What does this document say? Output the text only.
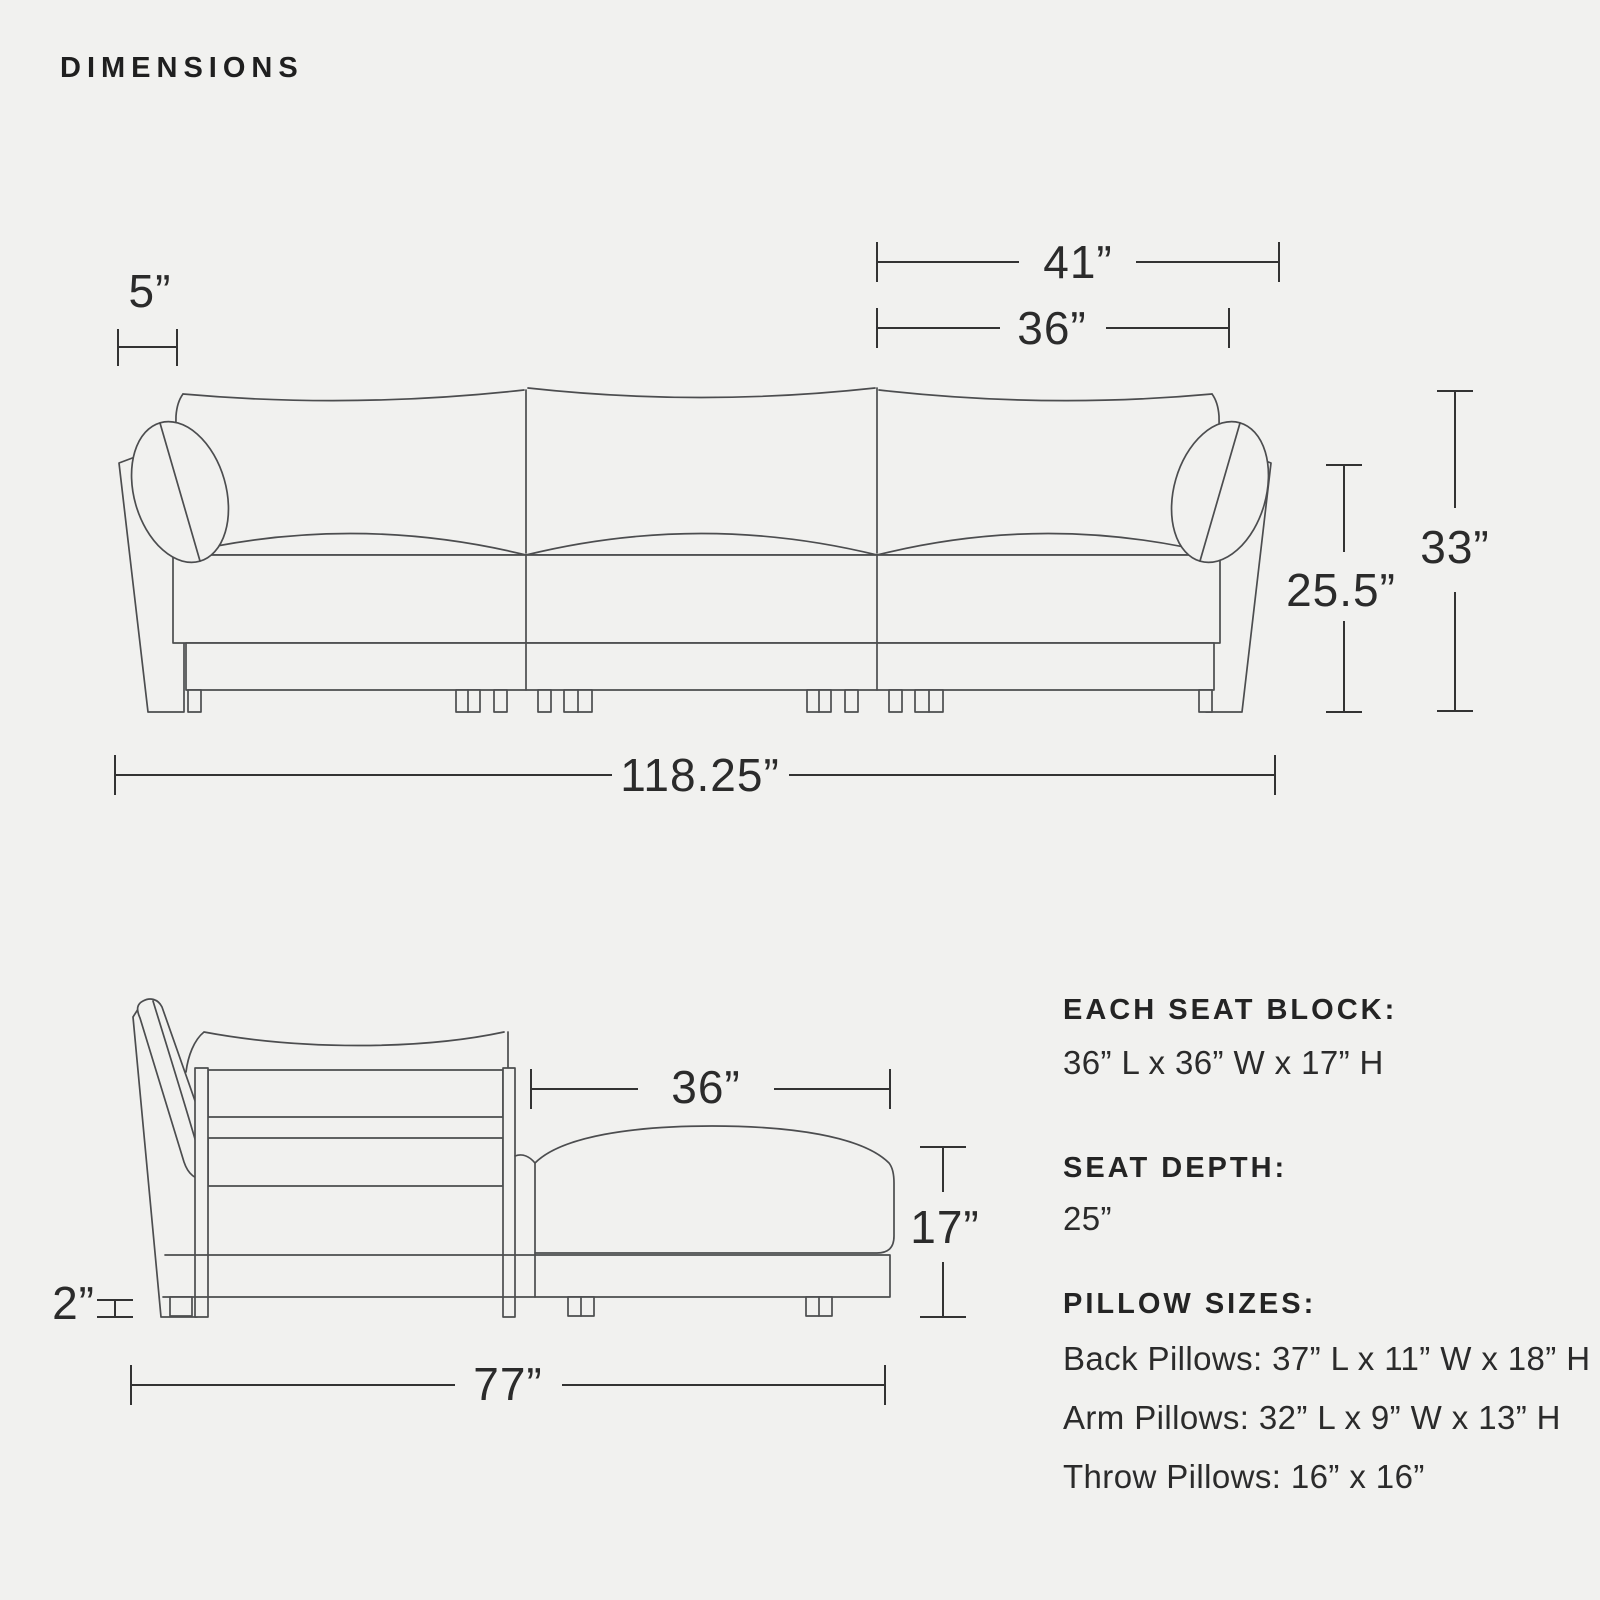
DIMENSIONS
5”
41”
36”
25.5”
33”
118.25”
2”
36”
17”
77”
EACH SEAT BLOCK:
36” L x 36” W x 17” H
SEAT DEPTH:
25”
PILLOW SIZES:
Back Pillows: 37” L x 11” W x 18” H
Arm Pillows: 32” L x 9” W x 13” H
Throw Pillows: 16” x 16”
